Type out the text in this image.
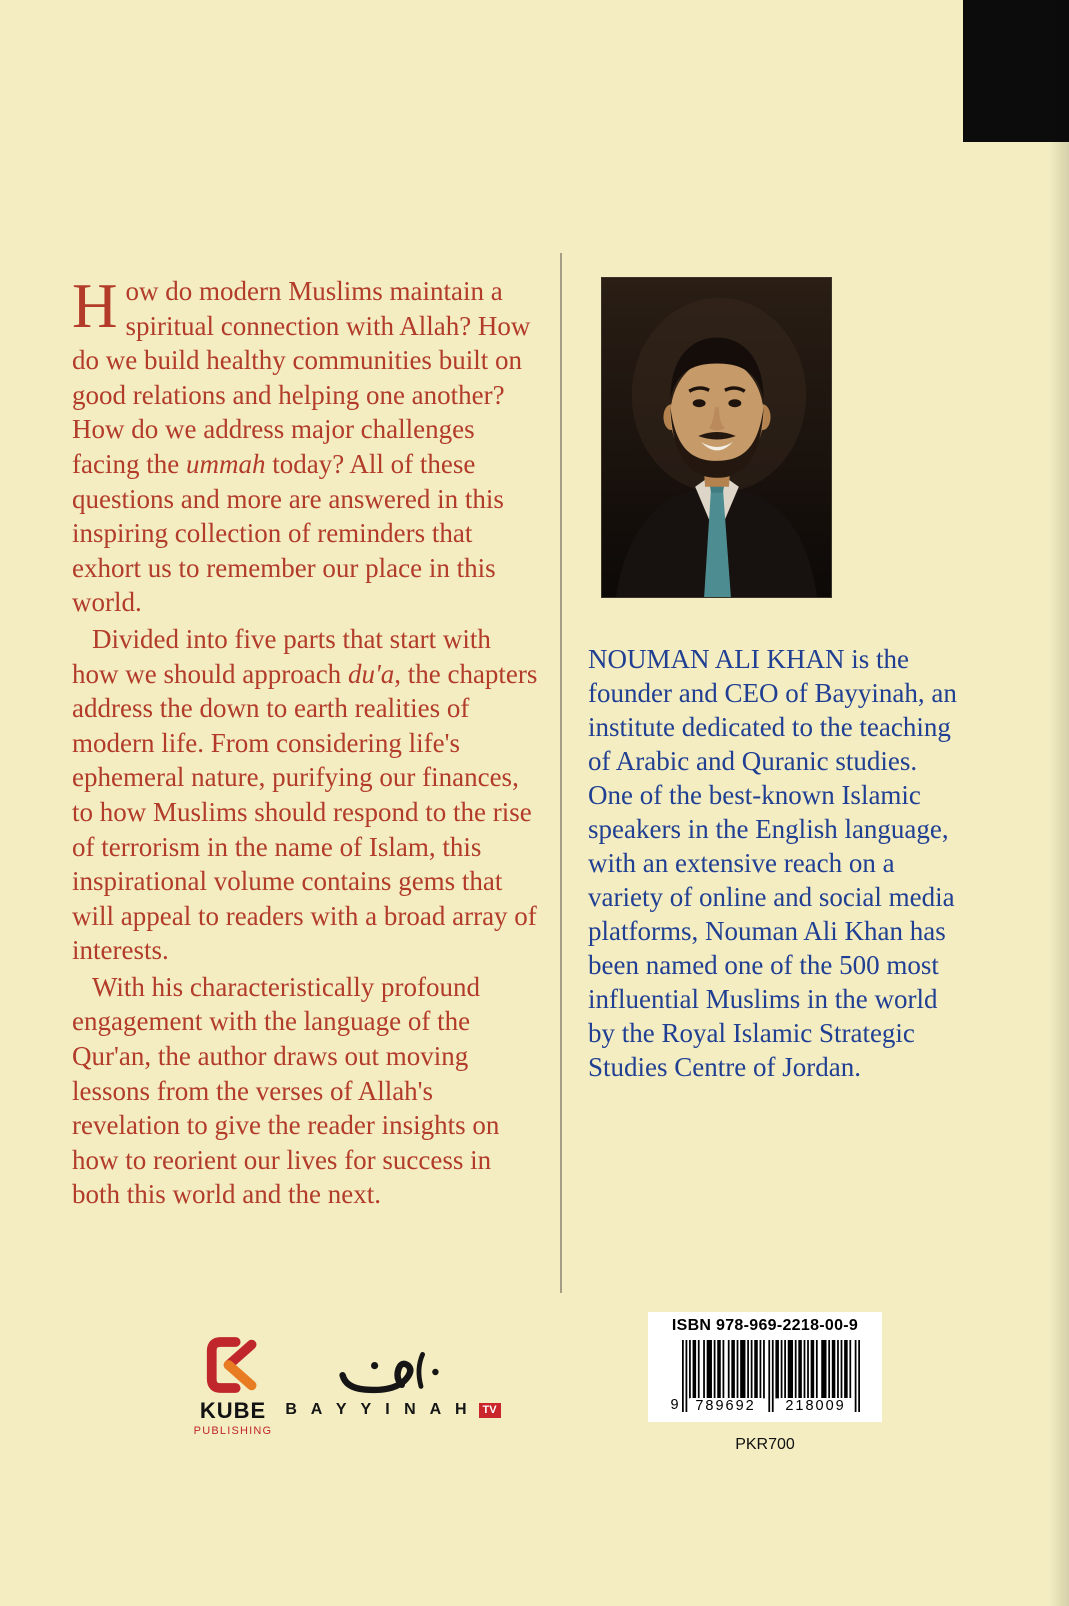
How do modern Muslims maintain a spiritual connection with Allah? How do we build healthy communities built on good relations and helping one another? How do we address major challenges facing the ummah today? All of these questions and more are answered in this inspiring collection of reminders that exhort us to remember our place in this world.

Divided into five parts that start with how we should approach du'a, the chapters address the down to earth realities of modern life. From considering life's ephemeral nature, purifying our finances, to how Muslims should respond to the rise of terrorism in the name of Islam, this inspirational volume contains gems that will appeal to readers with a broad array of interests.

With his characteristically profound engagement with the language of the Qur'an, the author draws out moving lessons from the verses of Allah's revelation to give the reader insights on how to reorient our lives for success in both this world and the next.

NOUMAN ALI KHAN is the founder and CEO of Bayyinah, an institute dedicated to the teaching of Arabic and Quranic studies. One of the best-known Islamic speakers in the English language, with an extensive reach on a variety of online and social media platforms, Nouman Ali Khan has been named one of the 500 most influential Muslims in the world by the Royal Islamic Strategic Studies Centre of Jordan.
KUBE
PUBLISHING
B A Y Y I N A H	TV
ISBN 978-969-2218-00-9
9	789692	218009
PKR700
